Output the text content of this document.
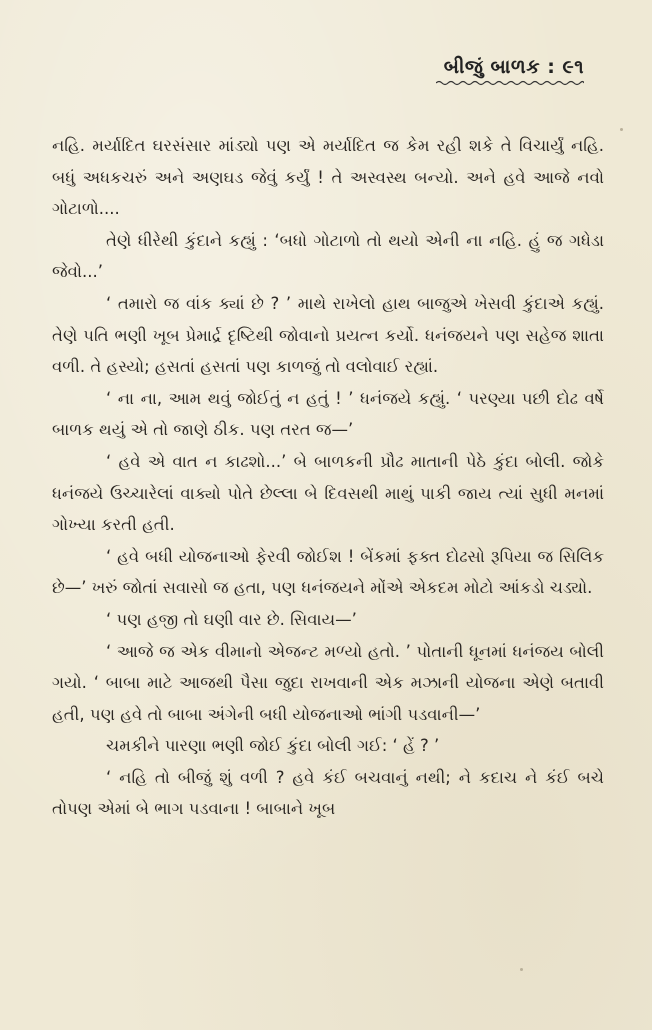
બીજું બાળક : ૯૧

નહિ. મર્યાદિત ઘરસંસાર માંડ્યો પણ એ મર્યાદિત જ કેમ રહી શકે તે વિચાર્યું નહિ. બધું અધકચરું અને અણઘડ જેવું કર્યું ! તે અસ્વસ્થ બન્યો. અને હવે આજે નવો ગોટાળો....

તેણે ધીરેથી કુંદાને કહ્યું : ‘બધો ગોટાળો તો થયો એની ના નહિ. હું જ ગધેડા જેવો...’

‘ તમારો જ વાંક ક્યાં છે ? ’ માથે રાખેલો હાથ બાજુએ ખેસવી કુંદાએ કહ્યું. તેણે પતિ ભણી ખૂબ પ્રેમાર્દ્ર દૃષ્ટિથી જોવાનો પ્રયત્ન કર્યો. ધનંજયને પણ સહેજ શાતા વળી. તે હસ્યો; હસતાં હસતાં પણ કાળજું તો વલોવાઈ રહ્યાં.

‘ ના ના, આમ થવું જોઈતું ન હતું ! ’ ધનંજયે કહ્યું. ‘ પરણ્યા પછી દોઢ વર્ષે બાળક થયું એ તો જાણે ઠીક. પણ તરત જ—’

‘ હવે એ વાત ન કાઢશો...’ બે બાળકની પ્રૌઢ માતાની પેઠે કુંદા બોલી. જોકે ધનંજયે ઉચ્ચારેલાં વાક્યો પોતે છેલ્લા બે દિવસથી માથું પાકી જાય ત્યાં સુધી મનમાં ગોખ્યા કરતી હતી.

‘ હવે બધી યોજનાઓ ફેરવી જોઈશ ! બેંકમાં ફક્ત દોઢસો રૂપિયા જ સિલિક છે—’ ખરું જોતાં સવાસો જ હતા, પણ ધનંજયને મોંએ એકદમ મોટો આંકડો ચડ્યો.

‘ પણ હજી તો ઘણી વાર છે. સિવાય—’

‘ આજે જ એક વીમાનો એજન્ટ મળ્યો હતો. ’ પોતાની ધૂનમાં ધનંજય બોલી ગયો. ‘ બાબા માટે આજથી પૈસા જુદા રાખવાની એક મઝાની યોજના એણે બતાવી હતી, પણ હવે તો બાબા અંગેની બધી યોજનાઓ ભાંગી પડવાની—’

ચમકીને પારણા ભણી જોઈ કુંદા બોલી ગઈ: ‘ હેં ? ’

‘ નહિ તો બીજું શું વળી ? હવે કંઈ બચવાનું નથી; ને કદાચ ને કંઈ બચે તોપણ એમાં બે ભાગ પડવાના ! બાબાને ખૂબ
